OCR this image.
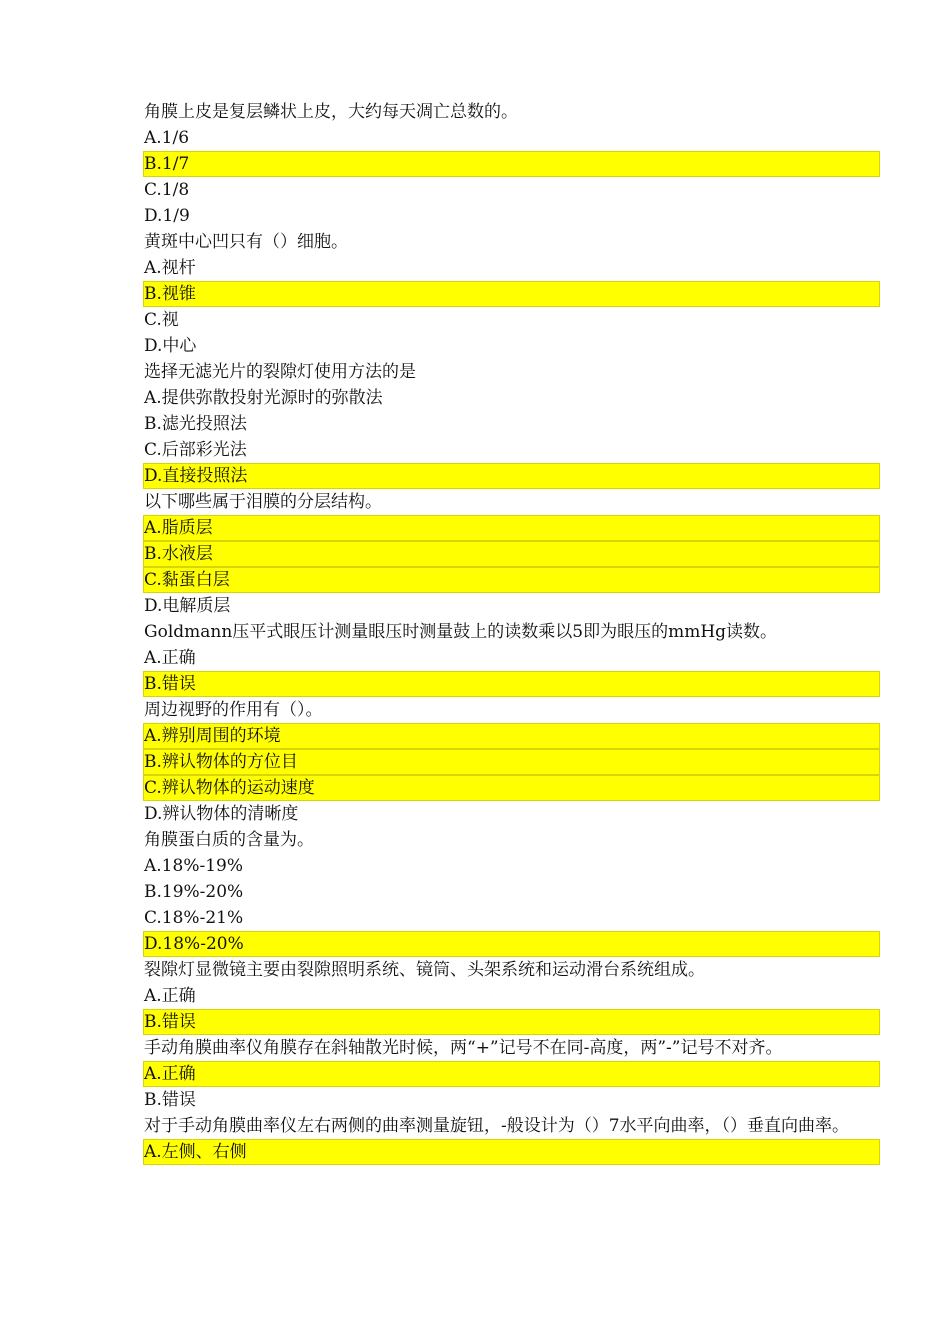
角膜上皮是复层鳞状上皮，大约每天凋亡总数的。
A.1/6
B.1/7
C.1/8
D.1/9
黄斑中心凹只有（）细胞。
A.视杆
B.视锥
C.视
D.中心
选择无滤光片的裂隙灯使用方法的是
A.提供弥散投射光源时的弥散法
B.滤光投照法
C.后部彩光法
D.直接投照法
以下哪些属于泪膜的分层结构。
A.脂质层
B.水液层
C.黏蛋白层
D.电解质层
Goldmann压平式眼压计测量眼压时测量鼓上的读数乘以5即为眼压的mmHg读数。
A.正确
B.错误
周边视野的作用有（）。
A.辨别周围的环境
B.辨认物体的方位目
C.辨认物体的运动速度
D.辨认物体的清晰度
角膜蛋白质的含量为。
A.18%-19%
B.19%-20%
C.18%-21%
D.18%-20%
裂隙灯显微镜主要由裂隙照明系统、镜筒、头架系统和运动滑台系统组成。
A.正确
B.错误
手动角膜曲率仪角膜存在斜轴散光时候，两“+”记号不在同-高度，两”-”记号不对齐。
A.正确
B.错误
对于手动角膜曲率仪左右两侧的曲率测量旋钮，-般设计为（）7水平向曲率，（）垂直向曲率。
A.左侧、右侧
